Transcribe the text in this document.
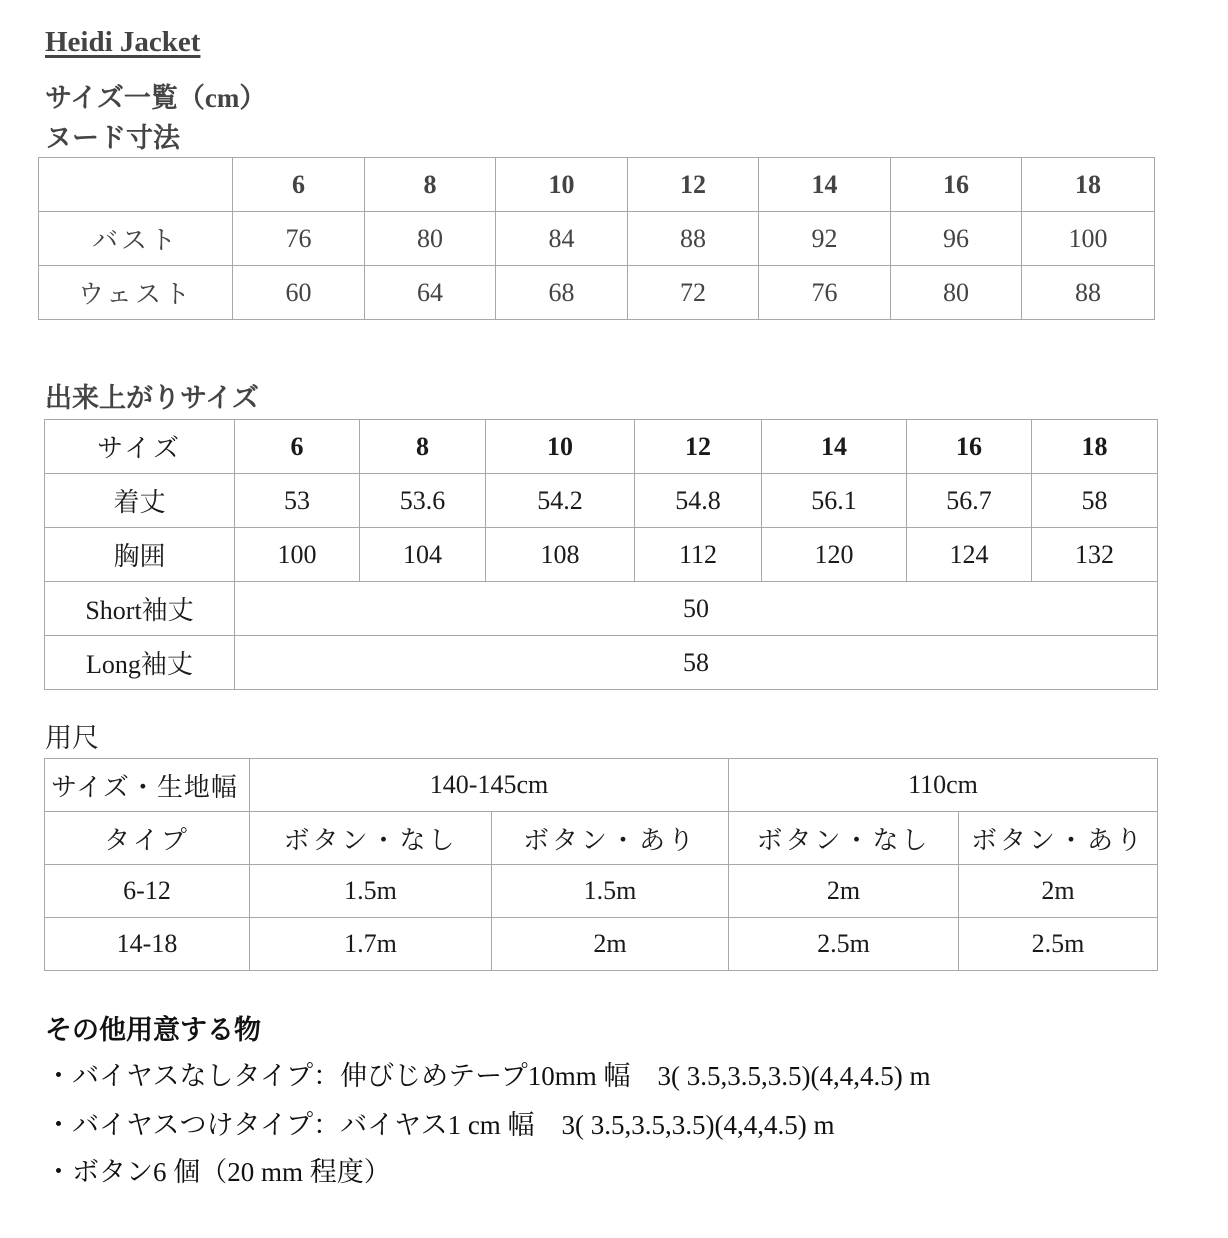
Heidi Jacket
サイズ一覧（cm）
ヌード寸法
	6	8	10	12	14	16	18
バスト	76	80	84	88	92	96	100
ウェスト	60	64	68	72	76	80	88
出来上がりサイズ
サイズ	6	8	10	12	14	16	18
着丈	53	53.6	54.2	54.8	56.1	56.7	58
胸囲	100	104	108	112	120	124	132
Short袖丈	50						
Long袖丈	58						
用尺
サイズ・生地幅	140-145cm		110cm	
タイプ	ボタン・なし	ボタン・あり	ボタン・なし	ボタン・あり
6-12	1.5m	1.5m	2m	2m
14-18	1.7m	2m	2.5m	2.5m
その他用意する物
・バイヤスなしタイプ：伸びじめテープ10mm 幅　3( 3.5,3.5,3.5)(4,4,4.5) m
・バイヤスつけタイプ：バイヤス1 cm 幅　3( 3.5,3.5,3.5)(4,4,4.5) m
・ボタン6 個（20 mm 程度）
